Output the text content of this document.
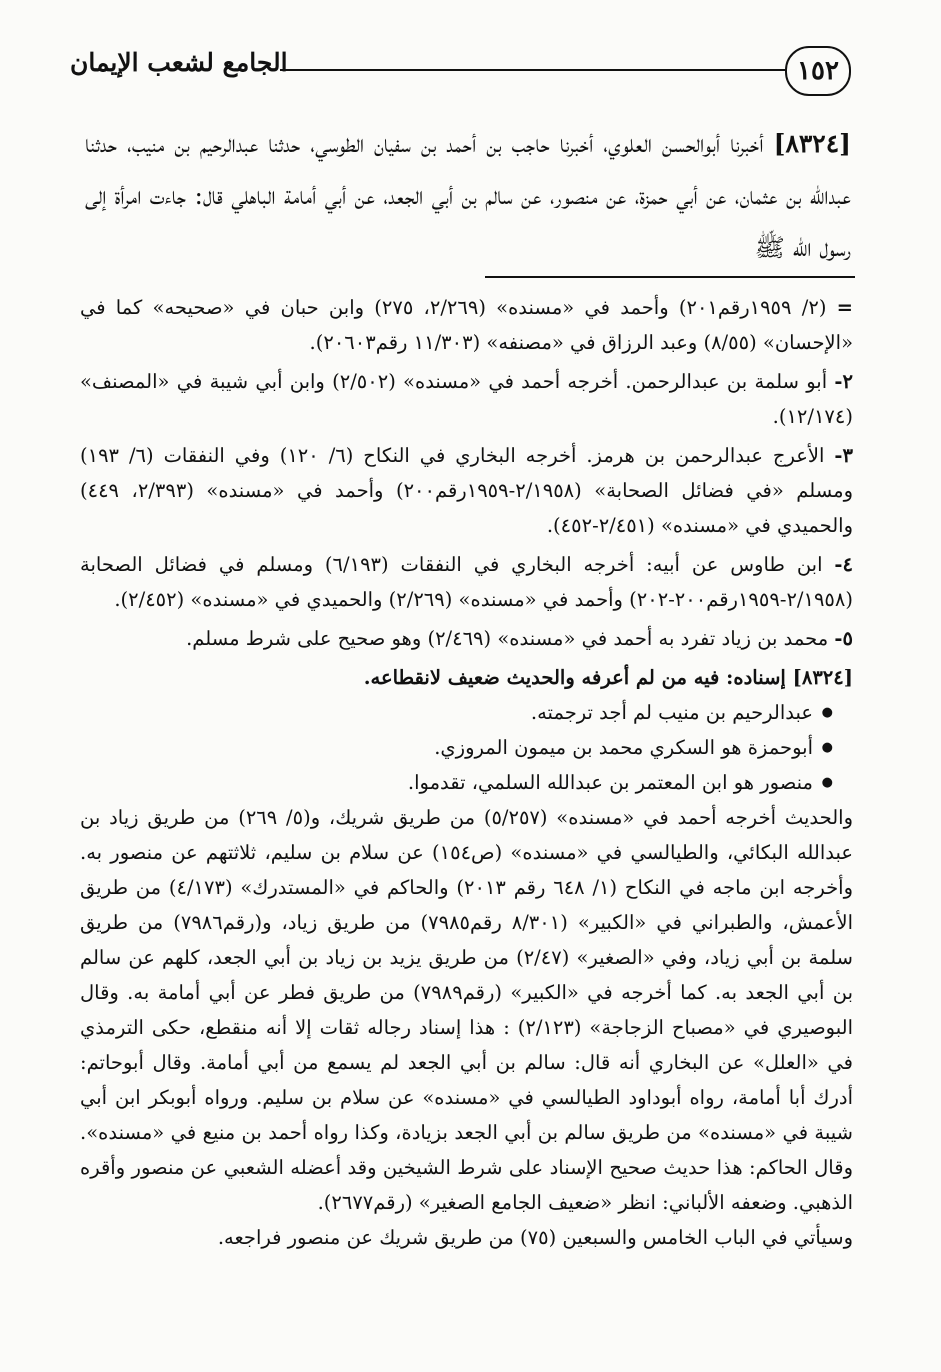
١٥٢
الجامع لشعب الإيمان

[٨٣٢٤] أخبرنا أبوالحسن العلوي، أخبرنا حاجب بن أحمد بن سفيان الطوسي، حدثنا عبدالرحيم بن منيب، حدثنا عبدالله بن عثمان، عن أبي حمزة، عن منصور، عن سالم بن أبي الجعد، عن أبي أمامة الباهلي قال: جاءت امرأة إلى رسول الله ﷺ

= (٢/ ١٩٥٩رقم٢٠١) وأحمد في «مسنده» (٢/٢٦٩، ٢٧٥) وابن حبان في «صحيحه» كما في «الإحسان» (٨/٥٥) وعبد الرزاق في «مصنفه» (١١/٣٠٣ رقم٢٠٦٠٣).

٢- أبو سلمة بن عبدالرحمن. أخرجه أحمد في «مسنده» (٢/٥٠٢) وابن أبي شيبة في «المصنف» (١٢/١٧٤).

٣- الأعرج عبدالرحمن بن هرمز. أخرجه البخاري في النكاح (٦/ ١٢٠) وفي النفقات (٦/ ١٩٣) ومسلم «في فضائل الصحابة» (٢/١٩٥٨-١٩٥٩رقم٢٠٠) وأحمد في «مسنده» (٢/٣٩٣، ٤٤٩) والحميدي في «مسنده» (٢/٤٥١-٤٥٢).

٤- ابن طاوس عن أبيه: أخرجه البخاري في النفقات (٦/١٩٣) ومسلم في فضائل الصحابة (٢/١٩٥٨-١٩٥٩رقم٢٠٠-٢٠٢) وأحمد في «مسنده» (٢/٢٦٩) والحميدي في «مسنده» (٢/٤٥٢).

٥- محمد بن زياد تفرد به أحمد في «مسنده» (٢/٤٦٩) وهو صحيح على شرط مسلم.

[٨٣٢٤] إسناده: فيه من لم أعرفه والحديث ضعيف لانقطاعه.

● عبدالرحيم بن منيب لم أجد ترجمته.
● أبوحمزة هو السكري محمد بن ميمون المروزي.
● منصور هو ابن المعتمر بن عبدالله السلمي، تقدموا.

والحديث أخرجه أحمد في «مسنده» (٥/٢٥٧) من طريق شريك، و(٥/ ٢٦٩) من طريق زياد بن عبدالله البكائي، والطيالسي في «مسنده» (ص١٥٤) عن سلام بن سليم، ثلاثتهم عن منصور به. وأخرجه ابن ماجه في النكاح (١/ ٦٤٨ رقم ٢٠١٣) والحاكم في «المستدرك» (٤/١٧٣) من طريق الأعمش، والطبراني في «الكبير» (٨/٣٠١ رقم٧٩٨٥) من طريق زياد، و(رقم٧٩٨٦) من طريق سلمة بن أبي زياد، وفي «الصغير» (٢/٤٧) من طريق يزيد بن زياد بن أبي الجعد، كلهم عن سالم بن أبي الجعد به. كما أخرجه في «الكبير» (رقم٧٩٨٩) من طريق فطر عن أبي أمامة به. وقال البوصيري في «مصباح الزجاجة» (٢/١٢٣) : هذا إسناد رجاله ثقات إلا أنه منقطع، حكى الترمذي في «العلل» عن البخاري أنه قال: سالم بن أبي الجعد لم يسمع من أبي أمامة. وقال أبوحاتم: أدرك أبا أمامة، رواه أبوداود الطيالسي في «مسنده» عن سلام بن سليم. ورواه أبوبكر ابن أبي شيبة في «مسنده» من طريق سالم بن أبي الجعد بزيادة، وكذا رواه أحمد بن منيع في «مسنده». وقال الحاكم: هذا حديث صحيح الإسناد على شرط الشيخين وقد أعضله الشعبي عن منصور وأقره الذهبي. وضعفه الألباني: انظر «ضعيف الجامع الصغير» (رقم٢٦٧٧).

وسيأتي في الباب الخامس والسبعين (٧٥) من طريق شريك عن منصور فراجعه.
